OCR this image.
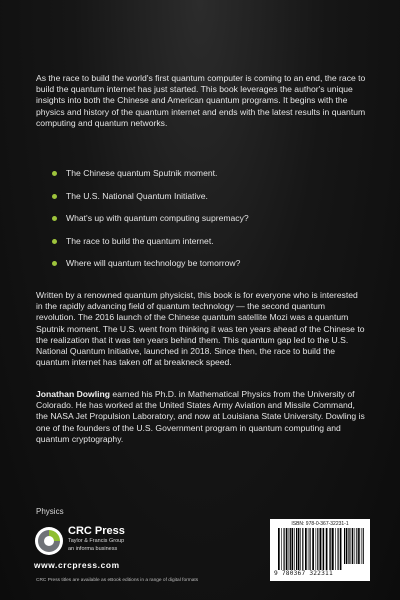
As the race to build the world's first quantum computer is coming to an end, the race to build the quantum internet has just started. This book leverages the author's unique insights into both the Chinese and American quantum programs. It begins with the physics and history of the quantum internet and ends with the latest results in quantum computing and quantum networks.

The Chinese quantum Sputnik moment.
The U.S. National Quantum Initiative.
What's up with quantum computing supremacy?
The race to build the quantum internet.
Where will quantum technology be tomorrow?

Written by a renowned quantum physicist, this book is for everyone who is interested in the rapidly advancing field of quantum technology — the second quantum revolution. The 2016 launch of the Chinese quantum satellite Mozi was a quantum Sputnik moment. The U.S. went from thinking it was ten years ahead of the Chinese to the realization that it was ten years behind them. This quantum gap led to the U.S. National Quantum Initiative, launched in 2018. Since then, the race to build the quantum internet has taken off at breakneck speed.

Jonathan Dowling earned his Ph.D. in Mathematical Physics from the University of Colorado. He has worked at the United States Army Aviation and Missile Command, the NASA Jet Propulsion Laboratory, and now at Louisiana State University. Dowling is one of the founders of the U.S. Government program in quantum computing and quantum cryptography.

Physics
CRC Press
Taylor & Francis Group
an informa business
www.crcpress.com
CRC Press titles are available as eBook editions in a range of digital formats
ISBN: 978-0-367-32231-1
9 780367 322311
